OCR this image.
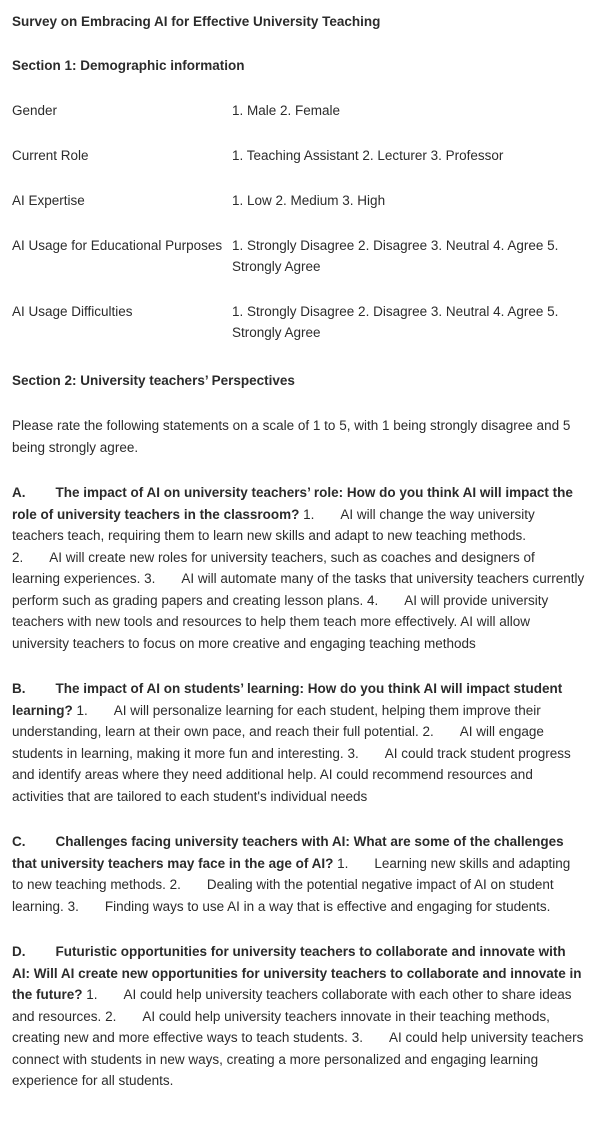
Survey on Embracing AI for Effective University Teaching

Section 1: Demographic information

Gender	1. Male 2. Female

Current Role	1. Teaching Assistant 2. Lecturer 3. Professor

AI Expertise	1. Low 2. Medium 3. High

AI Usage for Educational Purposes	1. Strongly Disagree 2. Disagree 3. Neutral 4. Agree 5. Strongly Agree

AI Usage Difficulties	1. Strongly Disagree 2. Disagree 3. Neutral 4. Agree 5. Strongly Agree

Section 2: University teachers’ Perspectives

Please rate the following statements on a scale of 1 to 5, with 1 being strongly disagree and 5 being strongly agree.

A. The impact of AI on university teachers’ role: How do you think AI will impact the role of university teachers in the classroom? 1. AI will change the way university teachers teach, requiring them to learn new skills and adapt to new teaching methods.
2. AI will create new roles for university teachers, such as coaches and designers of learning experiences. 3. AI will automate many of the tasks that university teachers currently perform such as grading papers and creating lesson plans. 4. AI will provide university teachers with new tools and resources to help them teach more effectively. AI will allow university teachers to focus on more creative and engaging teaching methods

B. The impact of AI on students’ learning: How do you think AI will impact student learning? 1. AI will personalize learning for each student, helping them improve their understanding, learn at their own pace, and reach their full potential. 2. AI will engage students in learning, making it more fun and interesting. 3. AI could track student progress and identify areas where they need additional help. AI could recommend resources and activities that are tailored to each student's individual needs

C. Challenges facing university teachers with AI: What are some of the challenges that university teachers may face in the age of AI? 1. Learning new skills and adapting to new teaching methods. 2. Dealing with the potential negative impact of AI on student learning. 3. Finding ways to use AI in a way that is effective and engaging for students.

D. Futuristic opportunities for university teachers to collaborate and innovate with AI: Will AI create new opportunities for university teachers to collaborate and innovate in the future? 1. AI could help university teachers collaborate with each other to share ideas and resources. 2. AI could help university teachers innovate in their teaching methods, creating new and more effective ways to teach students. 3. AI could help university teachers connect with students in new ways, creating a more personalized and engaging learning experience for all students.
